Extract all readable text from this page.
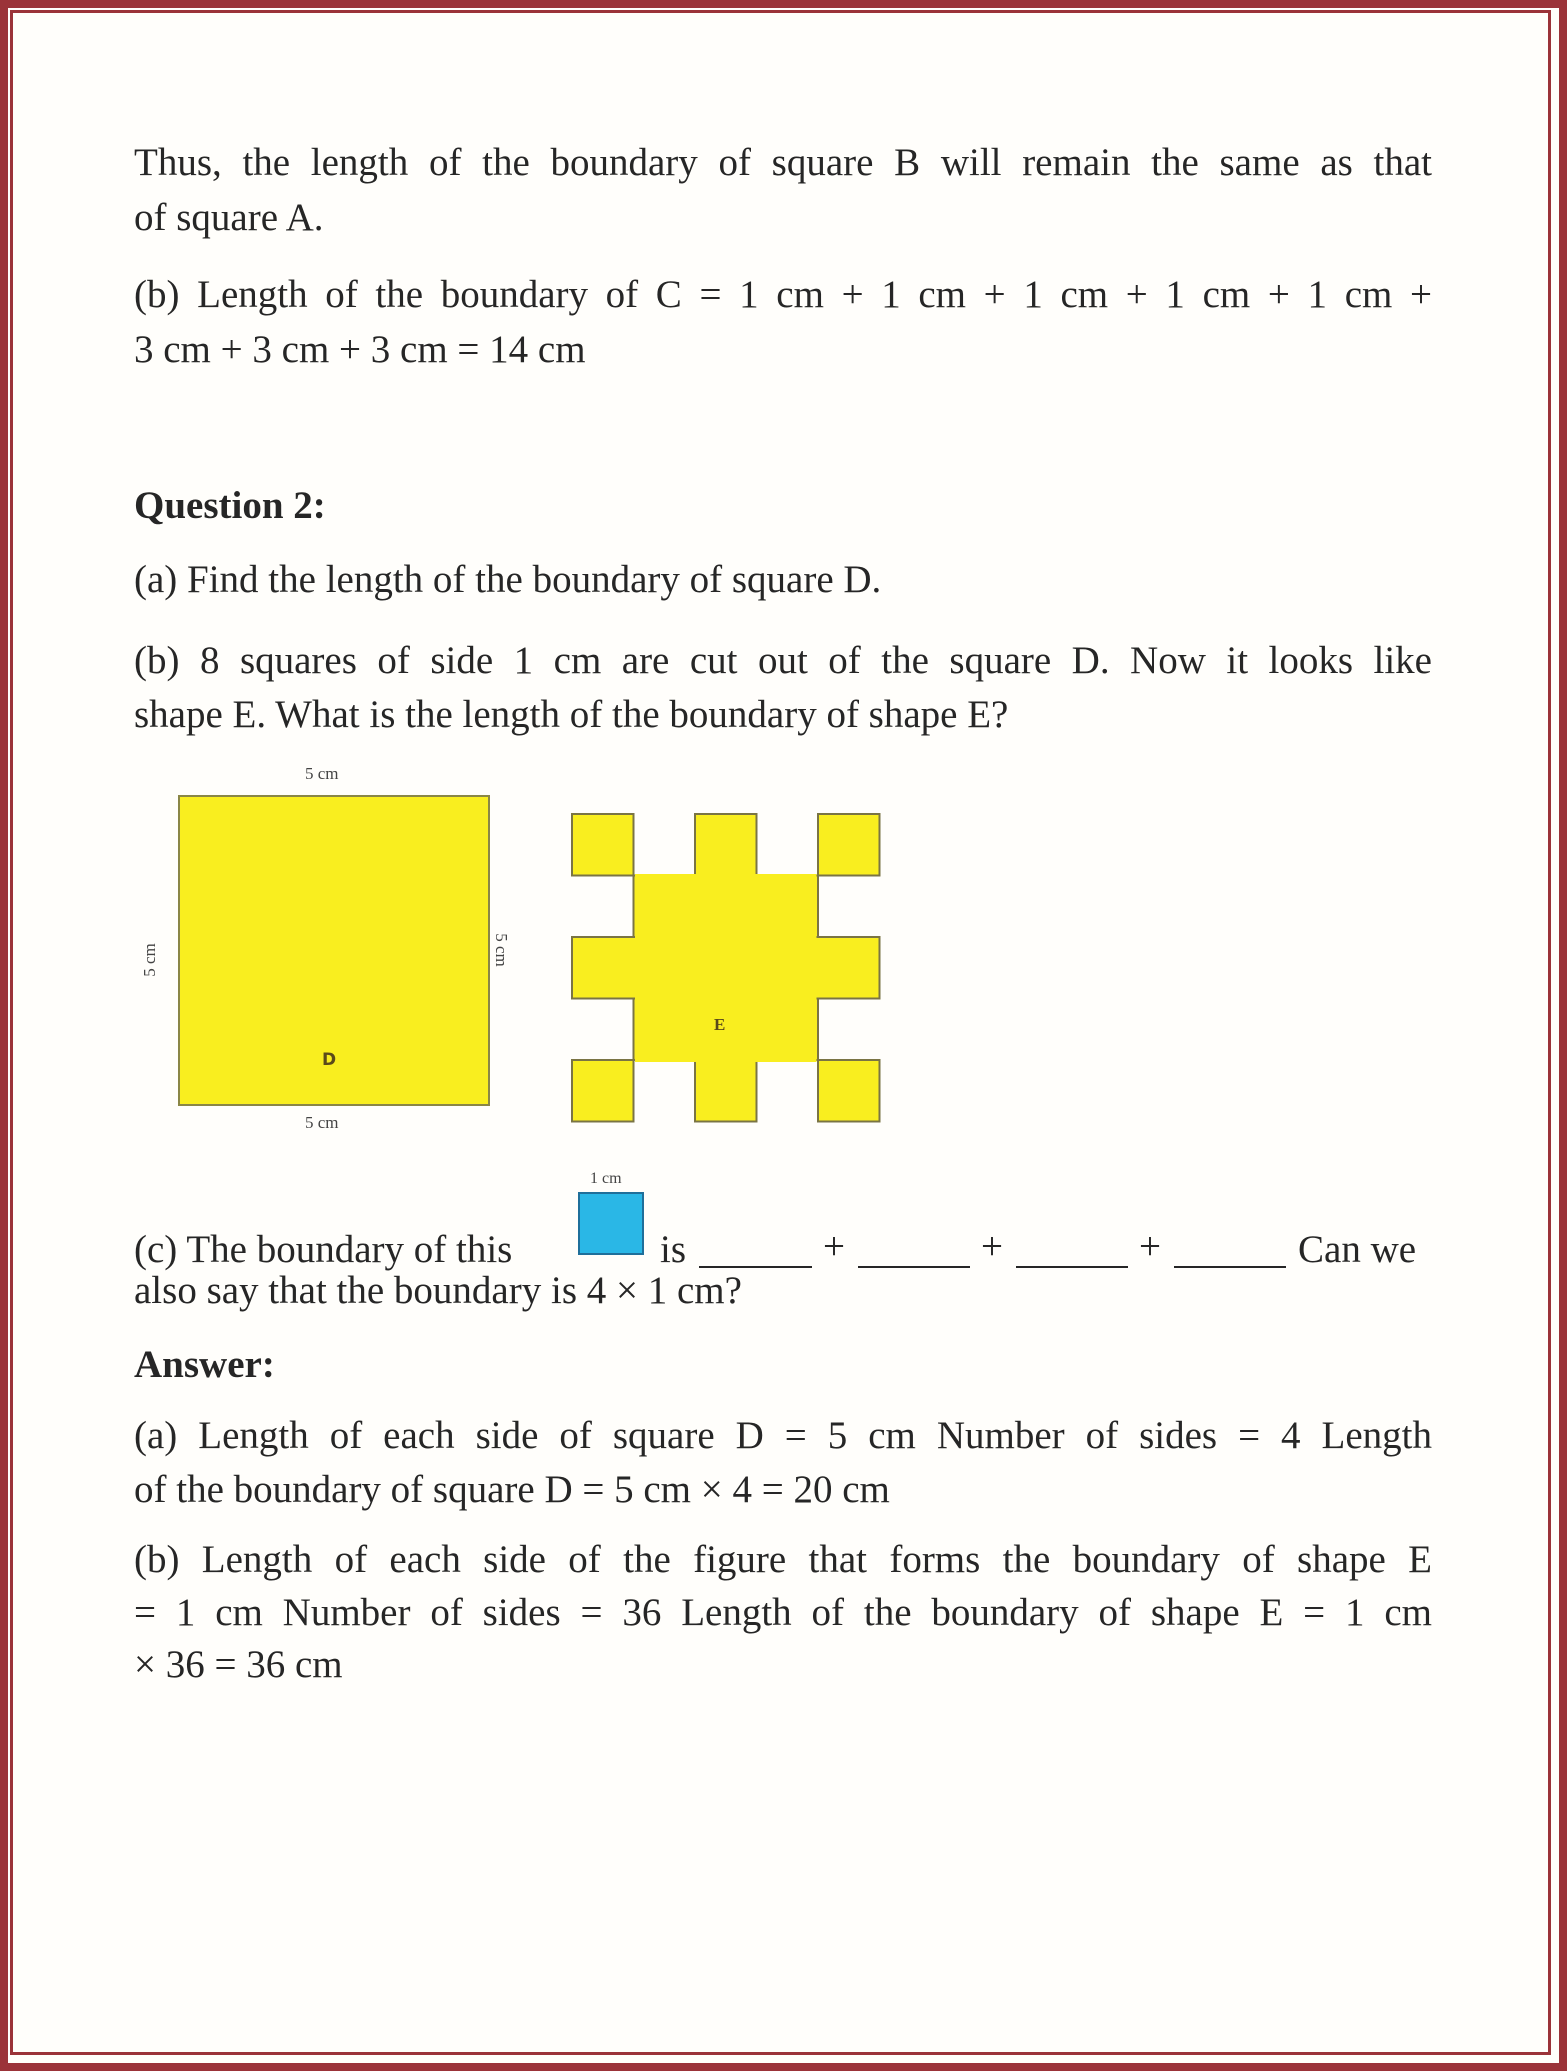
Thus, the length of the boundary of square B will remain the same as that
of square A.
(b) Length of the boundary of C = 1 cm + 1 cm + 1 cm + 1 cm + 1 cm +
3 cm + 3 cm + 3 cm = 14 cm
Question 2:
(a) Find the length of the boundary of square D.
(b) 8 squares of side 1 cm are cut out of the square D. Now it looks like
shape E. What is the length of the boundary of shape E?
5 cm
5 cm
5 cm	5 cm
D
E
1 cm
(c) The boundary of this	is	+	+	+	Can we
also say that the boundary is 4 × 1 cm?
Answer:
(a) Length of each side of square D = 5 cm Number of sides = 4 Length
of the boundary of square D = 5 cm × 4 = 20 cm
(b) Length of each side of the figure that forms the boundary of shape E
= 1 cm Number of sides = 36 Length of the boundary of shape E = 1 cm
× 36 = 36 cm
